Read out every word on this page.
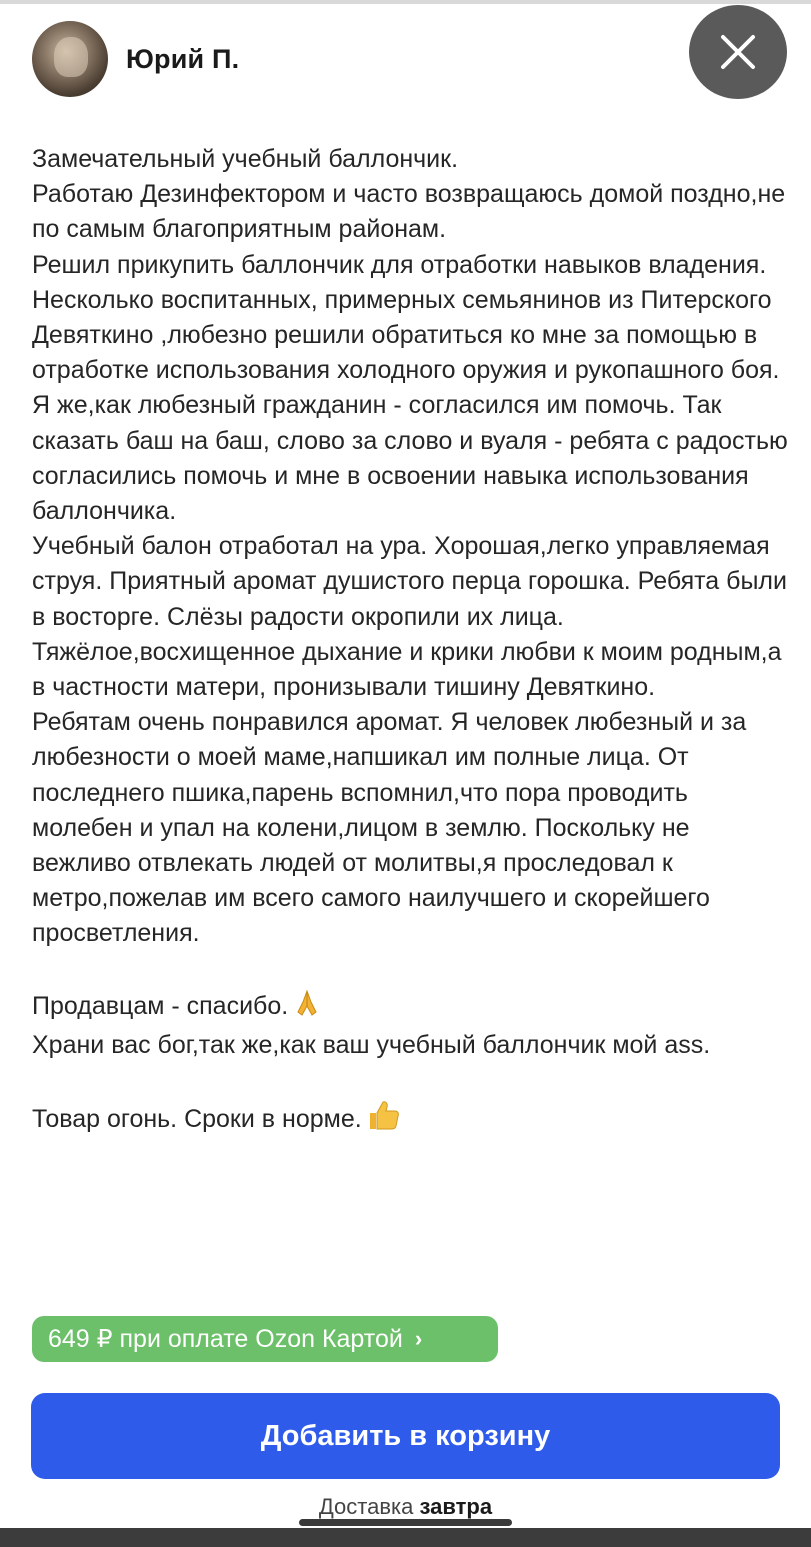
Юрий П.

Замечательный учебный баллончик.

Работаю Дезинфектором и часто возвращаюсь домой поздно,не по самым благоприятным районам.

Решил прикупить баллончик для отработки навыков владения.

Несколько воспитанных, примерных семьянинов из Питерского Девяткино ,любезно решили обратиться ко мне за помощью в отработке использования холодного оружия и рукопашного боя. Я же,как любезный гражданин - согласился им помочь. Так сказать баш на баш, слово за слово и вуаля - ребята с радостью согласились помочь и мне в освоении навыка использования баллончика.

Учебный балон отработал на ура. Хорошая,легко управляемая струя. Приятный аромат душистого перца горошка. Ребята были в восторге. Слёзы радости окропили их лица. Тяжёлое,восхищенное дыхание и крики любви к моим родным,а в частности матери, пронизывали тишину Девяткино.

Ребятам очень понравился аромат. Я человек любезный и за любезности о моей маме,напшикал им полные лица. От последнего пшика,парень вспомнил,что пора проводить молебен и упал на колени,лицом в землю. Поскольку не вежливо отвлекать людей от молитвы,я проследовал к метро,пожелав им всего самого наилучшего и скорейшего просветления.

Продавцам - спасибо.

Храни вас бог,так же,как ваш учебный баллончик мой ass.

Товар огонь. Сроки в норме.

649 ₽ при оплате Ozon Картой ›
Добавить в корзину
Доставка завтра
